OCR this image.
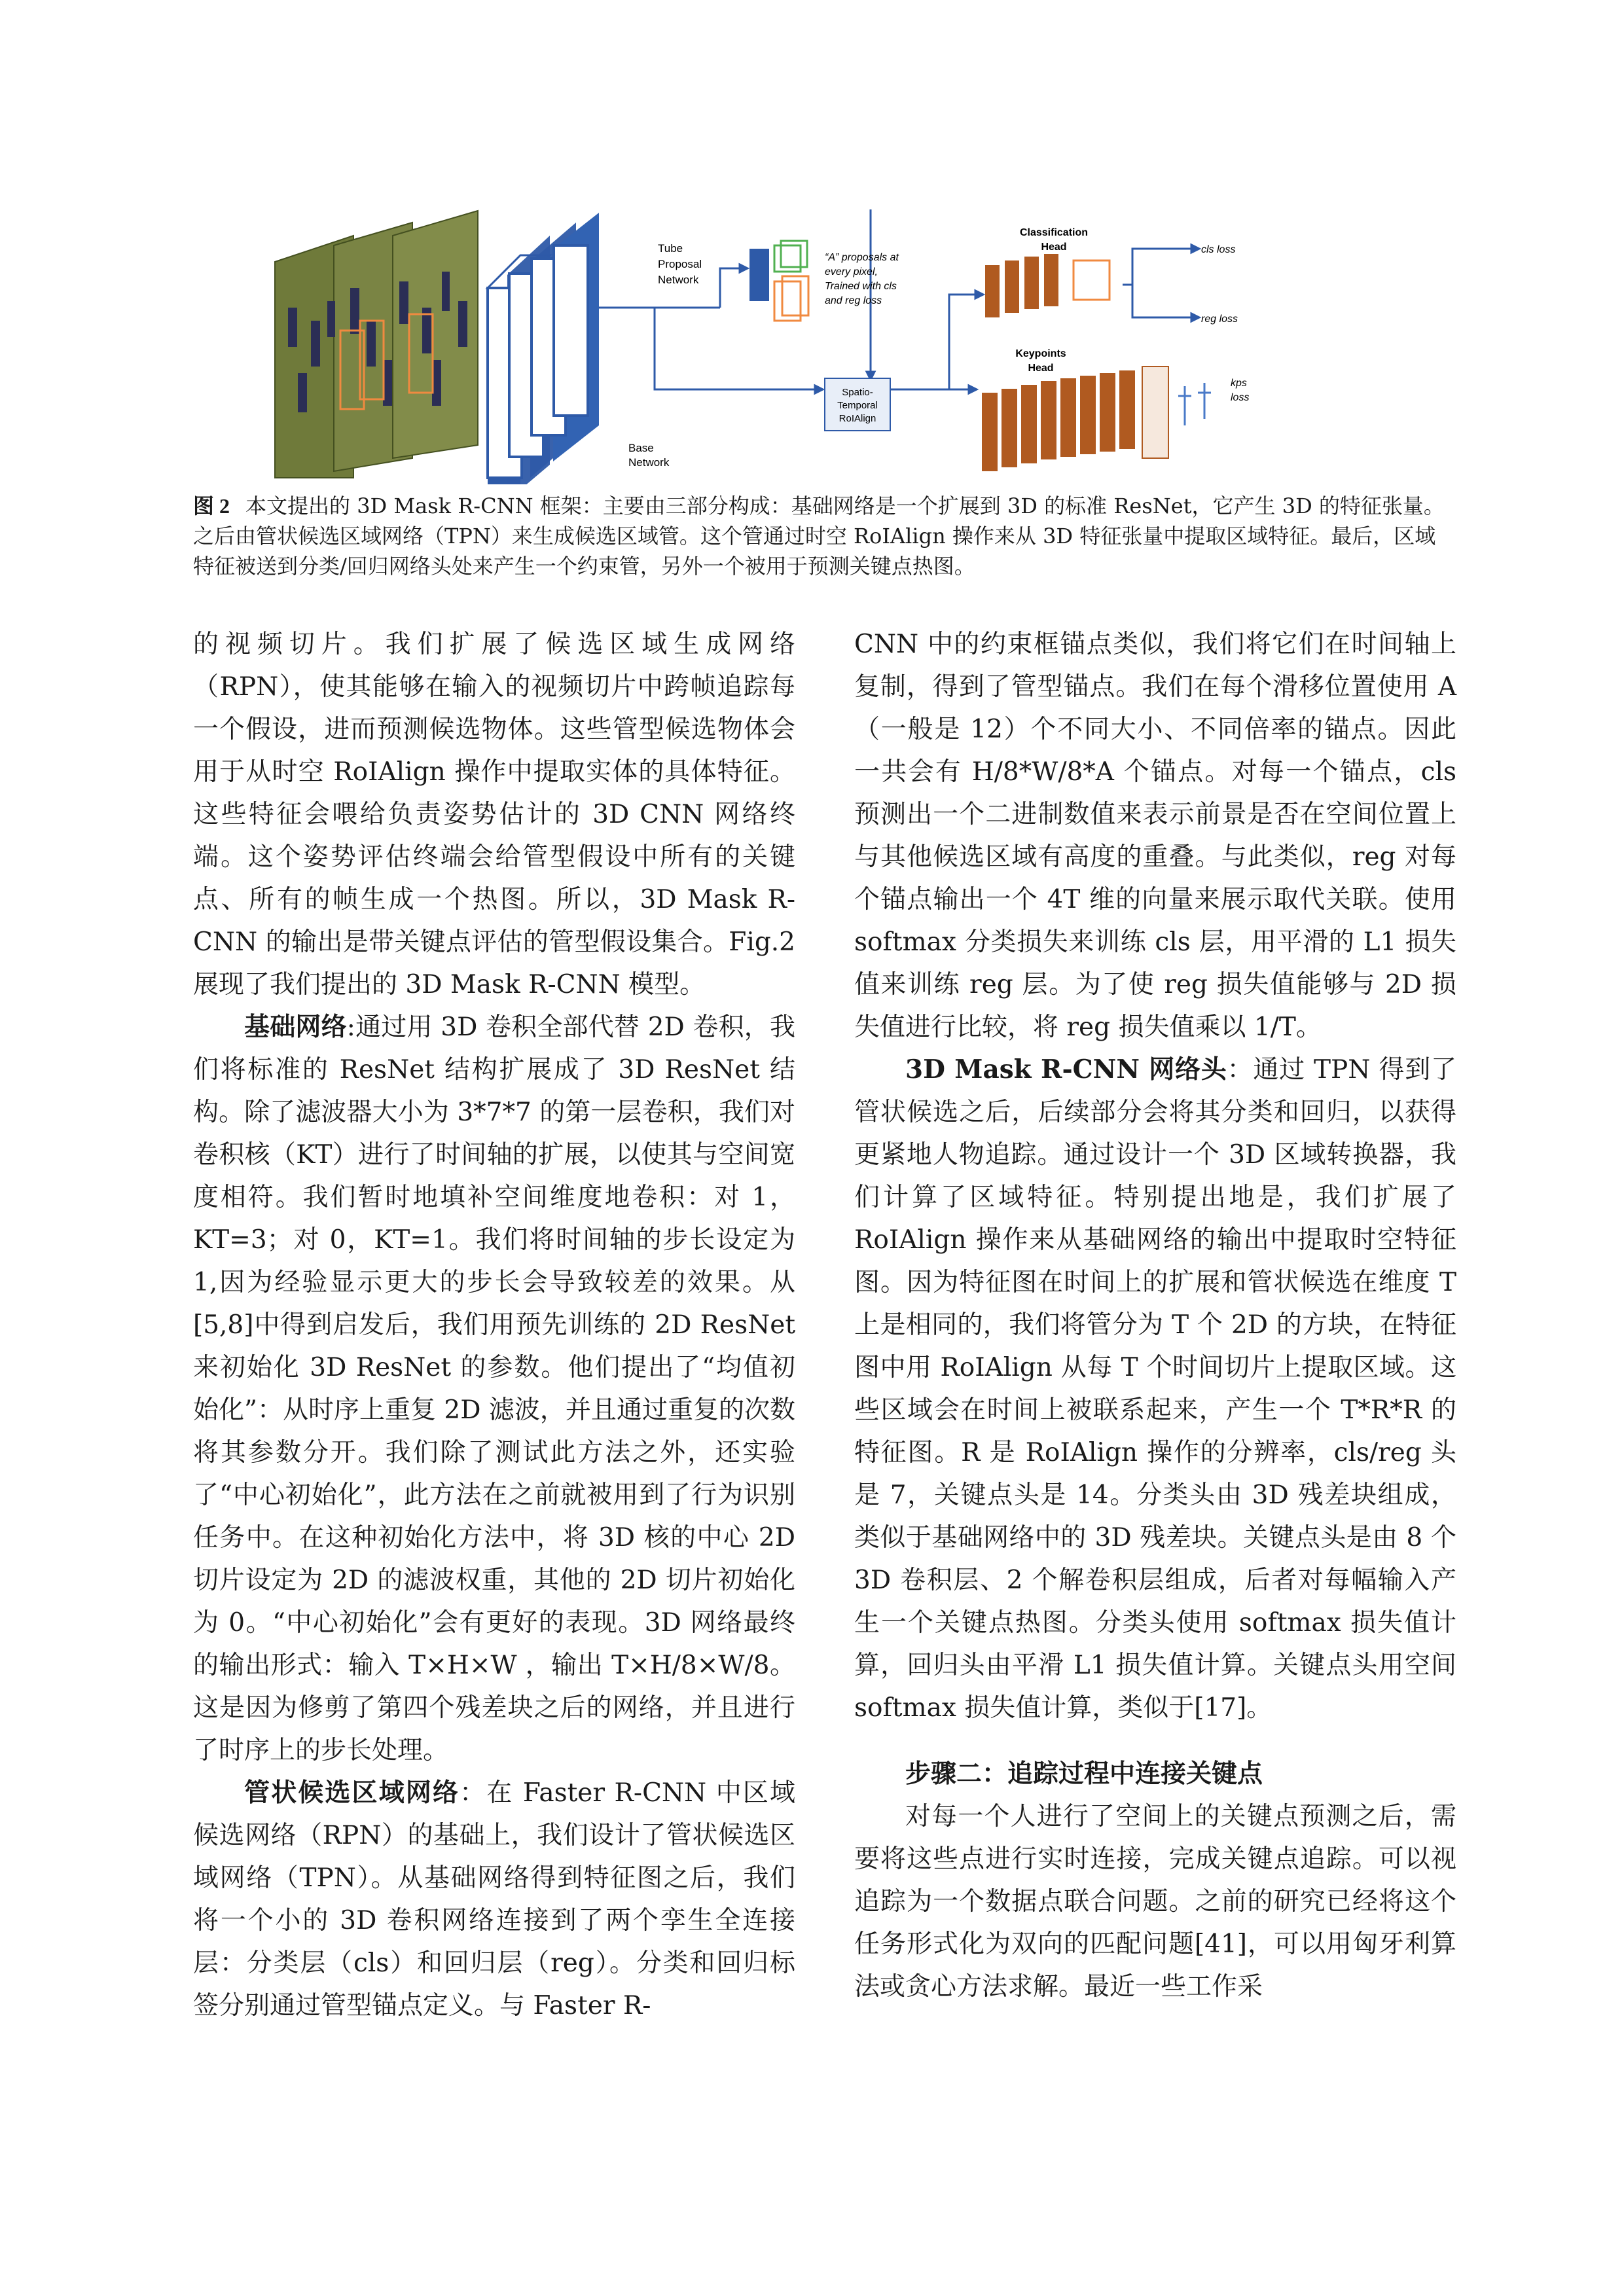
Base Network
Tube Proposal Network
“A” proposals at every pixel, Trained with cls and reg loss
Spatio-Temporal RoIAlign
Classification Head	cls loss
reg loss
Keypoints Head
kps loss
图 2 本文提出的 3D Mask R-CNN 框架：主要由三部分构成：基础网络是一个扩展到 3D 的标准 ResNet，它产生 3D 的特征张量。之后由管状候选区域网络（TPN）来生成候选区域管。这个管通过时空 RoIAlign 操作来从 3D 特征张量中提取区域特征。最后，区域特征被送到分类/回归网络头处来产生一个约束管，另外一个被用于预测关键点热图。

的视频切片。我们扩展了候选区域生成网络（RPN），使其能够在输入的视频切片中跨帧追踪每一个假设，进而预测候选物体。这些管型候选物体会用于从时空 RoIAlign 操作中提取实体的具体特征。这些特征会喂给负责姿势估计的 3D CNN 网络终端。这个姿势评估终端会给管型假设中所有的关键点、所有的帧生成一个热图。所以，3D Mask R-CNN 的输出是带关键点评估的管型假设集合。Fig.2 展现了我们提出的 3D Mask R-CNN 模型。

基础网络:通过用 3D 卷积全部代替 2D 卷积，我们将标准的 ResNet 结构扩展成了 3D ResNet 结构。除了滤波器大小为 3*7*7 的第一层卷积，我们对卷积核（KT）进行了时间轴的扩展，以使其与空间宽度相符。我们暂时地填补空间维度地卷积：对 1，KT=3；对 0，KT=1。我们将时间轴的步长设定为 1,因为经验显示更大的步长会导致较差的效果。从[5,8]中得到启发后，我们用预先训练的 2D ResNet 来初始化 3D ResNet 的参数。他们提出了“均值初始化”：从时序上重复 2D 滤波，并且通过重复的次数将其参数分开。我们除了测试此方法之外，还实验了“中心初始化”，此方法在之前就被用到了行为识别任务中。在这种初始化方法中，将 3D 核的中心 2D 切片设定为 2D 的滤波权重，其他的 2D 切片初始化为 0。“中心初始化”会有更好的表现。3D 网络最终的输出形式：输入 T×H×W ，输出 T×H/8×W/8。这是因为修剪了第四个残差块之后的网络，并且进行了时序上的步长处理。

管状候选区域网络：在 Faster R-CNN 中区域候选网络（RPN）的基础上，我们设计了管状候选区域网络（TPN）。从基础网络得到特征图之后，我们将一个小的 3D 卷积网络连接到了两个孪生全连接层：分类层（cls）和回归层（reg）。分类和回归标签分别通过管型锚点定义。与 Faster R-

CNN 中的约束框锚点类似，我们将它们在时间轴上复制，得到了管型锚点。我们在每个滑移位置使用 A（一般是 12）个不同大小、不同倍率的锚点。因此一共会有 H/8*W/8*A 个锚点。对每一个锚点，cls 预测出一个二进制数值来表示前景是否在空间位置上与其他候选区域有高度的重叠。与此类似，reg 对每个锚点输出一个 4T 维的向量来展示取代关联。使用 softmax 分类损失来训练 cls 层，用平滑的 L1 损失值来训练 reg 层。为了使 reg 损失值能够与 2D 损失值进行比较，将 reg 损失值乘以 1/T。

3D Mask R-CNN 网络头：通过 TPN 得到了管状候选之后，后续部分会将其分类和回归，以获得更紧地人物追踪。通过设计一个 3D 区域转换器，我们计算了区域特征。特别提出地是，我们扩展了 RoIAlign 操作来从基础网络的输出中提取时空特征图。因为特征图在时间上的扩展和管状候选在维度 T 上是相同的，我们将管分为 T 个 2D 的方块，在特征图中用 RoIAlign 从每 T 个时间切片上提取区域。这些区域会在时间上被联系起来，产生一个 T*R*R 的特征图。R 是 RoIAlign 操作的分辨率，cls/reg 头是 7，关键点头是 14。分类头由 3D 残差块组成，类似于基础网络中的 3D 残差块。关键点头是由 8 个 3D 卷积层、2 个解卷积层组成，后者对每幅输入产生一个关键点热图。分类头使用 softmax 损失值计算，回归头由平滑 L1 损失值计算。关键点头用空间 softmax 损失值计算，类似于[17]。

步骤二：追踪过程中连接关键点

对每一个人进行了空间上的关键点预测之后，需要将这些点进行实时连接，完成关键点追踪。可以视追踪为一个数据点联合问题。之前的研究已经将这个任务形式化为双向的匹配问题[41]，可以用匈牙利算法或贪心方法求解。最近一些工作采
